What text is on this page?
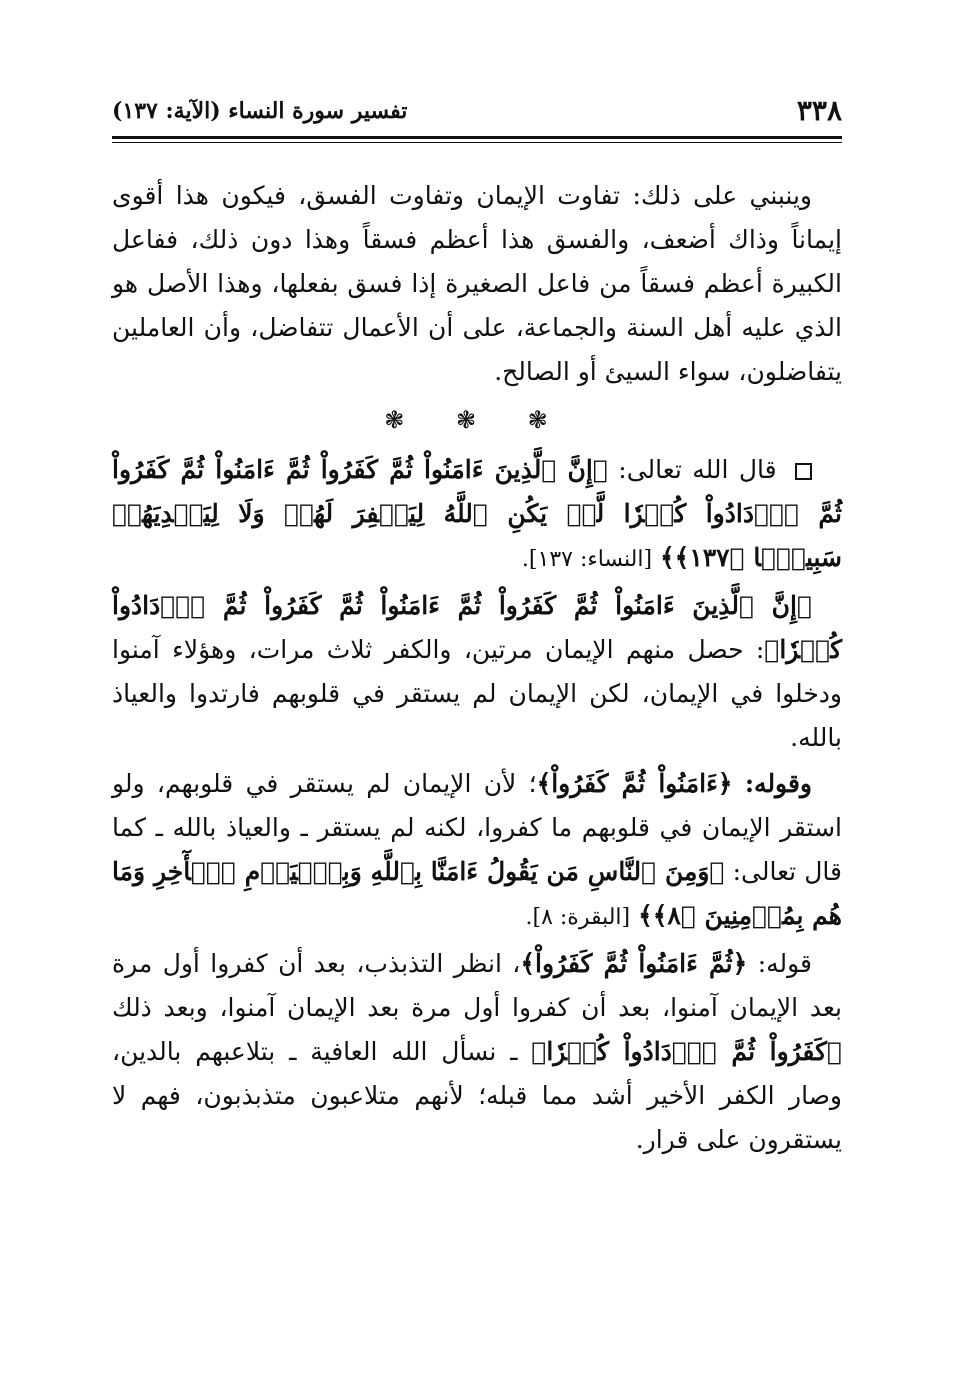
٣٣٨
تفسير سورة النساء (الآية: ١٣٧)

وينبني على ذلك: تفاوت الإيمان وتفاوت الفسق، فيكون هذا أقوى إيماناً وذاك أضعف، والفسق هذا أعظم فسقاً وهذا دون ذلك، ففاعل الكبيرة أعظم فسقاً من فاعل الصغيرة إذا فسق بفعلها، وهذا الأصل هو الذي عليه أهل السنة والجماعة، على أن الأعمال تتفاضل، وأن العاملين يتفاضلون، سواء السيئ أو الصالح.

❃ ❃ ❃

قال الله تعالى: ﴿إِنَّ ٱلَّذِينَ ءَامَنُواْ ثُمَّ كَفَرُواْ ثُمَّ ءَامَنُواْ ثُمَّ كَفَرُواْ ثُمَّ ٱزۡدَادُواْ كُفۡرٗا لَّمۡ يَكُنِ ٱللَّهُ لِيَغۡفِرَ لَهُمۡ وَلَا لِيَهۡدِيَهُمۡ سَبِيلَۢا ﴿١٣٧﴾﴾ [النساء: ١٣٧].

﴿إِنَّ ٱلَّذِينَ ءَامَنُواْ ثُمَّ كَفَرُواْ ثُمَّ ءَامَنُواْ ثُمَّ كَفَرُواْ ثُمَّ ٱزۡدَادُواْ كُفۡرٗا﴾: حصل منهم الإيمان مرتين، والكفر ثلاث مرات، وهؤلاء آمنوا ودخلوا في الإيمان، لكن الإيمان لم يستقر في قلوبهم فارتدوا والعياذ بالله.

وقوله: ﴿ءَامَنُواْ ثُمَّ كَفَرُواْ﴾؛ لأن الإيمان لم يستقر في قلوبهم، ولو استقر الإيمان في قلوبهم ما كفروا، لكنه لم يستقر ـ والعياذ بالله ـ كما قال تعالى: ﴿وَمِنَ ٱلنَّاسِ مَن يَقُولُ ءَامَنَّا بِٱللَّهِ وَبِٱلۡيَوۡمِ ٱلۡأٓخِرِ وَمَا هُم بِمُؤۡمِنِينَ ﴿٨﴾﴾ [البقرة: ٨].

قوله: ﴿ثُمَّ ءَامَنُواْ ثُمَّ كَفَرُواْ﴾، انظر التذبذب، بعد أن كفروا أول مرة بعد الإيمان آمنوا، بعد أن كفروا أول مرة بعد الإيمان آمنوا، وبعد ذلك ﴿كَفَرُواْ ثُمَّ ٱزۡدَادُواْ كُفۡرٗا﴾ ـ نسأل الله العافية ـ بتلاعبهم بالدين، وصار الكفر الأخير أشد مما قبله؛ لأنهم متلاعبون متذبذبون، فهم لا يستقرون على قرار.
